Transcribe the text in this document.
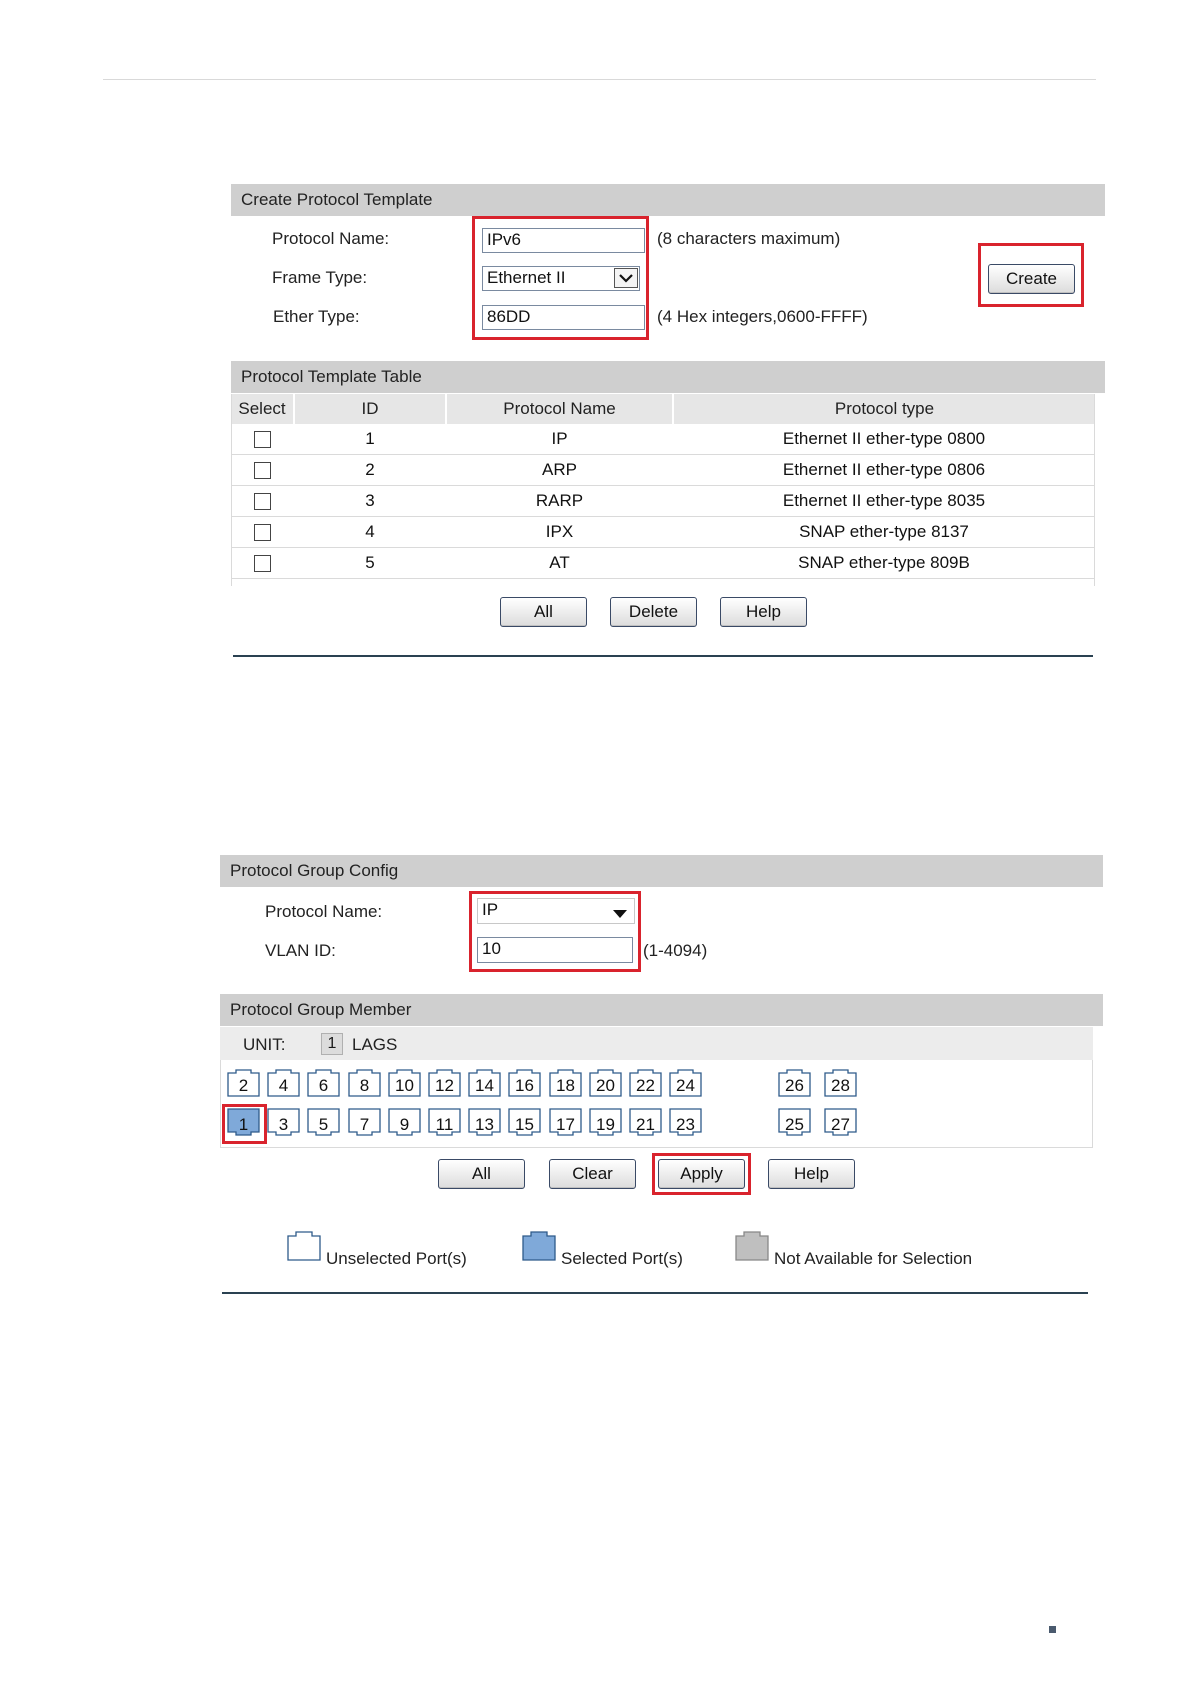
Create Protocol Template
Protocol Name:	IPv6	(8 characters maximum)
Frame Type:	Ethernet II
Ether Type:	86DD	(4 Hex integers,0600-FFFF)
Create
Protocol Template Table
Select	ID	Protocol Name	Protocol type
	1	IP	Ethernet II ether-type 0800
	2	ARP	Ethernet II ether-type 0806
	3	RARP	Ethernet II ether-type 8035
	4	IPX	SNAP ether-type 8137
	5	AT	SNAP ether-type 809B
All	Delete	Help
Protocol Group Config
Protocol Name:	IP
VLAN ID:	10	(1-4094)
Protocol Group Member
UNIT:	1 LAGS
2	4	6	8	10	12	14	16	18	20	22	24
1	3	5	7	9	11	13	15	17	19	21	23
26	28
25	27
All	Clear	Apply	Help
Unselected Port(s)	Selected Port(s)	Not Available for Selection
